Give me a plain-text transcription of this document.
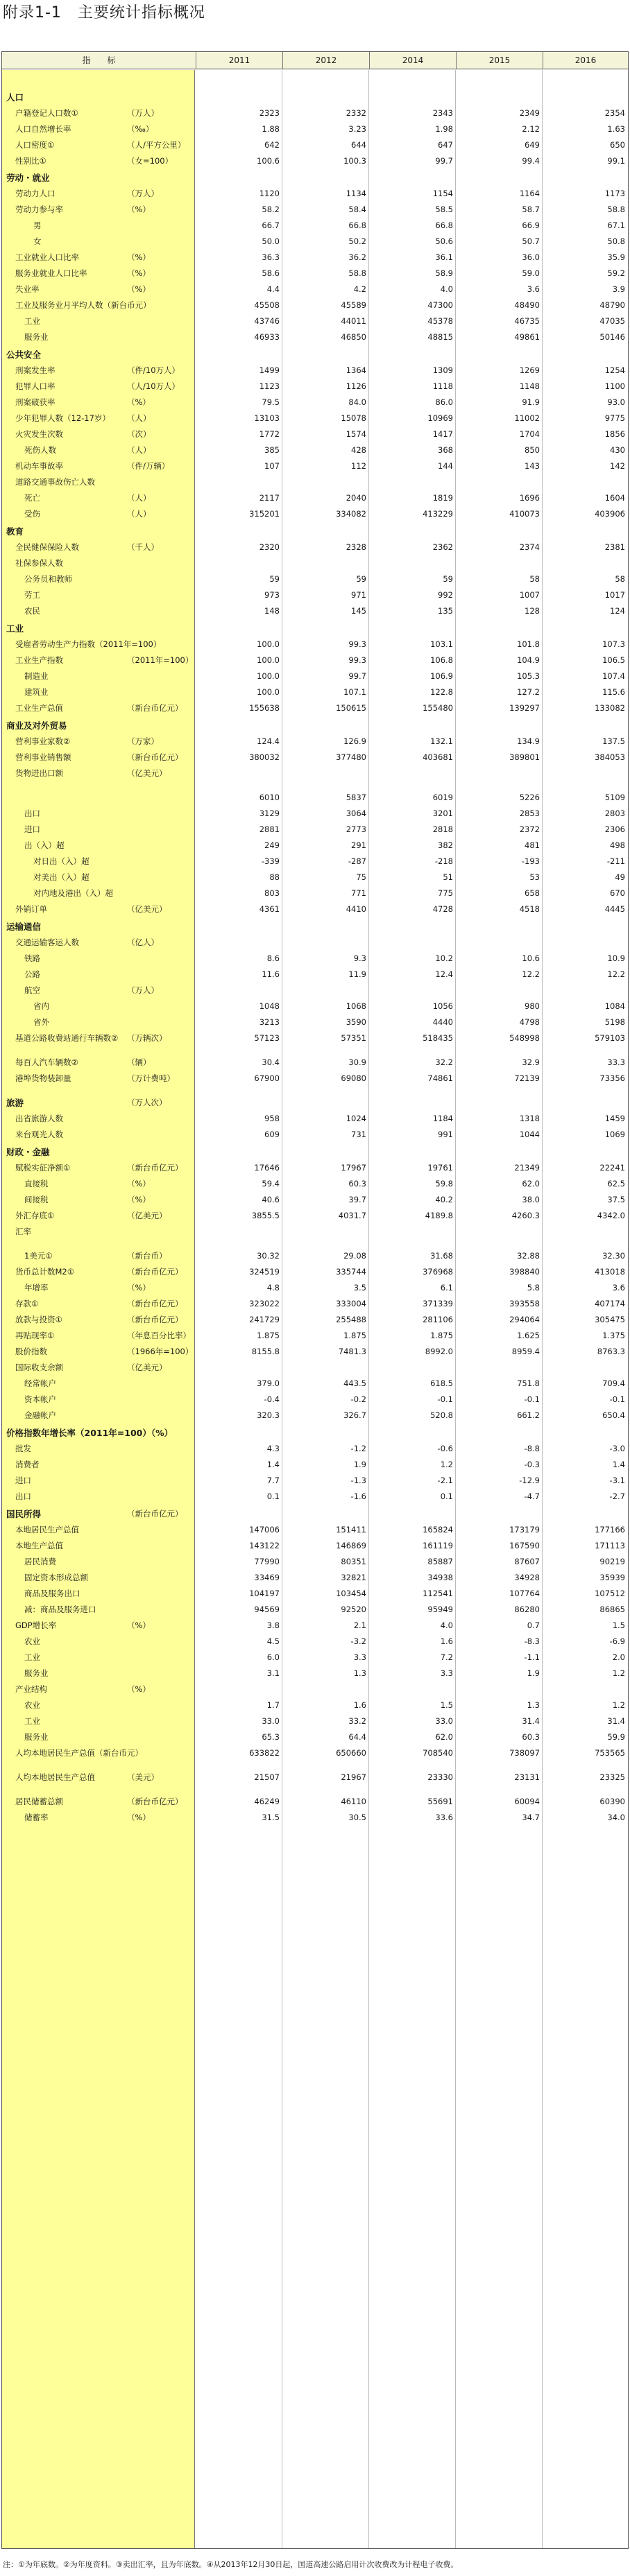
附录1-1　主要统计指标概况
指　　标	2011	2012	2014	2015	2016
人口
户籍登记人口数①	（万人）	2323	2332	2343	2349	2354
人口自然增长率	（‰）	1.88	3.23	1.98	2.12	1.63
人口密度①	（人/平方公里）	642	644	647	649	650
性别比①	（女=100）	100.6	100.3	99.7	99.4	99.1
劳动・就业
劳动力人口	（万人）	1120	1134	1154	1164	1173
劳动力参与率	（%）	58.2	58.4	58.5	58.7	58.8
男	66.7	66.8	66.8	66.9	67.1
女	50.0	50.2	50.6	50.7	50.8
工业就业人口比率	（%）	36.3	36.2	36.1	36.0	35.9
服务业就业人口比率	（%）	58.6	58.8	58.9	59.0	59.2
失业率	（%）	4.4	4.2	4.0	3.6	3.9
工业及服务业月平均人数（新台币元）	45508	45589	47300	48490	48790
工业	43746	44011	45378	46735	47035
服务业	46933	46850	48815	49861	50146
公共安全
刑案发生率	（件/10万人）	1499	1364	1309	1269	1254
犯罪人口率	（人/10万人）	1123	1126	1118	1148	1100
刑案破获率	（%）	79.5	84.0	86.0	91.9	93.0
少年犯罪人数（12-17岁） （人）	13103	15078	10969	11002	9775
火灾发生次数	（次）	1772	1574	1417	1704	1856
死伤人数	（人）	385	428	368	850	430
机动车事故率	（件/万辆）	107	112	144	143	142
道路交通事故伤亡人数
死亡	（人）	2117	2040	1819	1696	1604
受伤	（人）	315201	334082	413229	410073	403906
教育
全民健保保险人数	（千人）	2320	2328	2362	2374	2381
社保参保人数
公务员和教师	59	59	59	58	58
劳工	973	971	992	1007	1017
农民	148	145	135	128	124
工业
受雇者劳动生产力指数（2011年=100）	100.0	99.3	103.1	101.8	107.3
工业生产指数	（2011年=100）	100.0	99.3	106.8	104.9	106.5
制造业	100.0	99.7	106.9	105.3	107.4
建筑业	100.0	107.1	122.8	127.2	115.6
工业生产总值	（新台币亿元）	155638	150615	155480	139297	133082
商业及对外贸易
营利事业家数②	（万家）	124.4	126.9	132.1	134.9	137.5
营利事业销售额	（新台币亿元）	380032	377480	403681	389801	384053
货物进出口额	（亿美元）
6010	5837	6019	5226	5109
出口	3129	3064	3201	2853	2803
进口	2881	2773	2818	2372	2306
出（入）超	249	291	382	481	498
对日出（入）超	-339	-287	-218	-193	-211
对美出（入）超	88	75	51	53	49
对内地及港出（入）超	803	771	775	658	670
外销订单	（亿美元）	4361	4410	4728	4518	4445
运输通信
交通运输客运人数	（亿人）
铁路	8.6	9.3	10.2	10.6	10.9
公路	11.6	11.9	12.4	12.2	12.2
航空	（万人）
省内	1048	1068	1056	980	1084
省外	3213	3590	4440	4798	5198
基道公路收费站通行车辆数② （万辆次）	57123	57351	518435	548998	579103
每百人汽车辆数②	（辆）	30.4	30.9	32.2	32.9	33.3
港埠货物装卸量	（万计费吨）	67900	69080	74861	72139	73356
旅游	（万人次）
出省旅游人数	958	1024	1184	1318	1459
来台观光人数	609	731	991	1044	1069
财政・金融
赋税实征净额①	（新台币亿元）	17646	17967	19761	21349	22241
直接税	（%）	59.4	60.3	59.8	62.0	62.5
间接税	（%）	40.6	39.7	40.2	38.0	37.5
外汇存底①	（亿美元）	3855.5	4031.7	4189.8	4260.3	4342.0
汇率
1美元①	（新台币）	30.32	29.08	31.68	32.88	32.30
货币总计数M2①	（新台币亿元）	324519	335744	376968	398840	413018
年增率	（%）	4.8	3.5	6.1	5.8	3.6
存款①	（新台币亿元）	323022	333004	371339	393558	407174
放款与投资①	（新台币亿元）	241729	255488	281106	294064	305475
再贴现率①	（年息百分比率）	1.875	1.875	1.875	1.625	1.375
股价指数	（1966年=100）	8155.8	7481.3	8992.0	8959.4	8763.3
国际收支余额	（亿美元）
经常帐户	379.0	443.5	618.5	751.8	709.4
资本帐户	-0.4	-0.2	-0.1	-0.1	-0.1
金融帐户	320.3	326.7	520.8	661.2	650.4
价格指数年增长率（2011年=100）（%）
批发	4.3	-1.2	-0.6	-8.8	-3.0
消费者	1.4	1.9	1.2	-0.3	1.4
进口	7.7	-1.3	-2.1	-12.9	-3.1
出口	0.1	-1.6	0.1	-4.7	-2.7
国民所得	（新台币亿元）
本地居民生产总值	147006	151411	165824	173179	177166
本地生产总值	143122	146869	161119	167590	171113
居民消费	77990	80351	85887	87607	90219
固定资本形成总额	33469	32821	34938	34928	35939
商品及服务出口	104197	103454	112541	107764	107512
减：商品及服务进口	94569	92520	95949	86280	86865
GDP增长率	（%）	3.8	2.1	4.0	0.7	1.5
农业	4.5	-3.2	1.6	-8.3	-6.9
工业	6.0	3.3	7.2	-1.1	2.0
服务业	3.1	1.3	3.3	1.9	1.2
产业结构	（%）
农业	1.7	1.6	1.5	1.3	1.2
工业	33.0	33.2	33.0	31.4	31.4
服务业	65.3	64.4	62.0	60.3	59.9
人均本地居民生产总值（新台币元）	633822	650660	708540	738097	753565
人均本地居民生产总值	（美元）	21507	21967	23330	23131	23325
居民储蓄总额	（新台币亿元）	46249	46110	55691	60094	60390
储蓄率	（%）	31.5	30.5	33.6	34.7	34.0
注：①为年底数。②为年度资料。③卖出汇率，且为年底数。④从2013年12月30日起，国道高速公路启用计次收费改为计程电子收费。
